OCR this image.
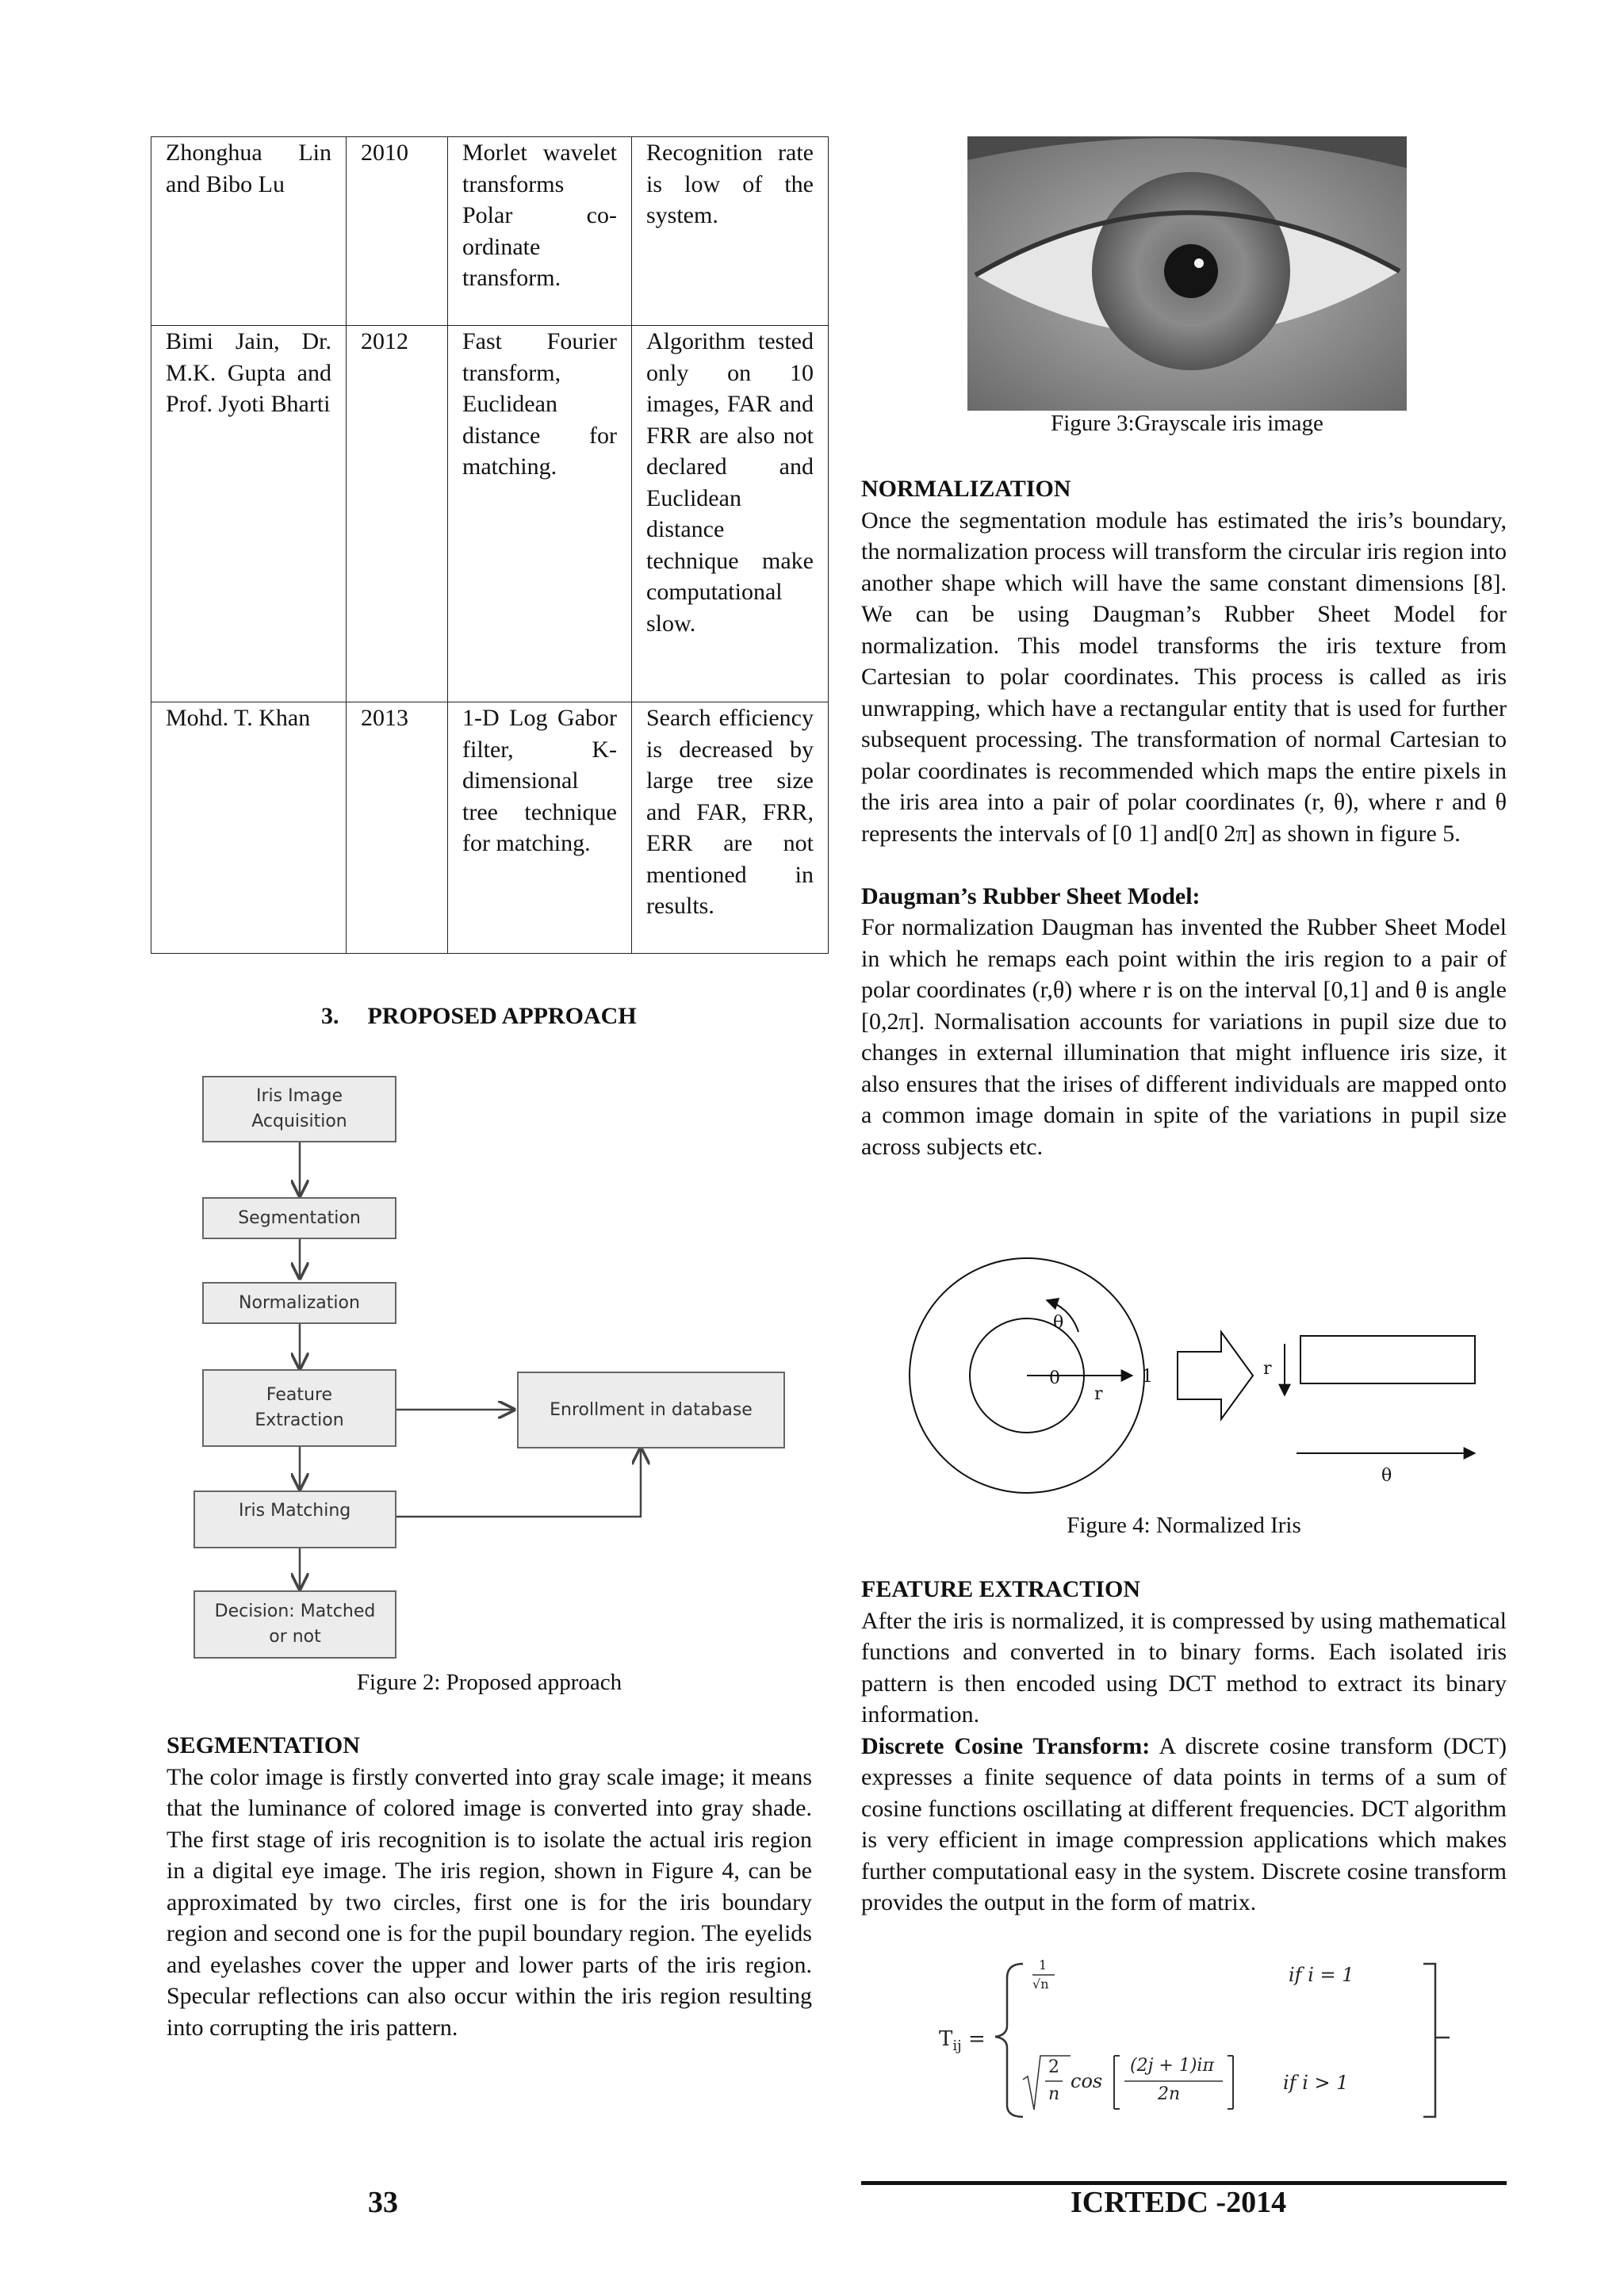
Zhonghua Lin and Bibo Lu	2010	Morlet wavelet transforms Polar co-ordinate transform.	Recognition rate is low of the system.
Bimi Jain, Dr. M.K. Gupta and Prof. Jyoti Bharti	2012	Fast Fourier transform, Euclidean distance for matching.	Algorithm tested only on 10 images, FAR and FRR are also not declared and Euclidean distance technique make computational slow.
Mohd. T. Khan	2013	1-D Log Gabor filter, K-dimensional tree technique for matching.	Search efficiency is decreased by large tree size and FAR, FRR, ERR are not mentioned in results.
3. PROPOSED APPROACH
Iris Image Acquisition
Segmentation
Normalization
Feature Extraction
Enrollment in database
Iris Matching
Decision: Matched or not
Figure 2: Proposed approach
SEGMENTATION

The color image is firstly converted into gray scale image; it means that the luminance of colored image is converted into gray shade. The first stage of iris recognition is to isolate the actual iris region in a digital eye image. The iris region, shown in Figure 4, can be approximated by two circles, first one is for the iris boundary region and second one is for the pupil boundary region. The eyelids and eyelashes cover the upper and lower parts of the iris region. Specular reflections can also occur within the iris region resulting into corrupting the iris pattern.

Figure 3:Grayscale iris image
NORMALIZATION

Once the segmentation module has estimated the iris’s boundary, the normalization process will transform the circular iris region into another shape which will have the same constant dimensions [8]. We can be using Daugman’s Rubber Sheet Model for normalization. This model transforms the iris texture from Cartesian to polar coordinates. This process is called as iris unwrapping, which have a rectangular entity that is used for further subsequent processing. The transformation of normal Cartesian to polar coordinates is recommended which maps the entire pixels in the iris area into a pair of polar coordinates (r, θ), where r and θ represents the intervals of [0 1] and[0 2π] as shown in figure 5.

Daugman’s Rubber Sheet Model:

For normalization Daugman has invented the Rubber Sheet Model in which he remaps each point within the iris region to a pair of polar coordinates (r,θ) where r is on the interval [0,1] and θ is angle [0,2π]. Normalisation accounts for variations in pupil size due to changes in external illumination that might influence iris size, it also ensures that the irises of different individuals are mapped onto a common image domain in spite of the variations in pupil size across subjects etc.

θ
0	1
r
r
θ
Figure 4: Normalized Iris
FEATURE EXTRACTION

After the iris is normalized, it is compressed by using mathematical functions and converted in to binary forms. Each isolated iris pattern is then encoded using DCT method to extract its binary information.

Discrete Cosine Transform: A discrete cosine transform (DCT) expresses a finite sequence of data points in terms of a sum of cosine functions oscillating at different frequencies. DCT algorithm is very efficient in image compression applications which makes further computational easy in the system. Discrete cosine transform provides the output in the form of matrix.

$T_{ij}$ =
1
√n	if i = 1
2
n
cos
(2j + 1)iπ
2n
if i > 1
33	ICRTEDC -2014
